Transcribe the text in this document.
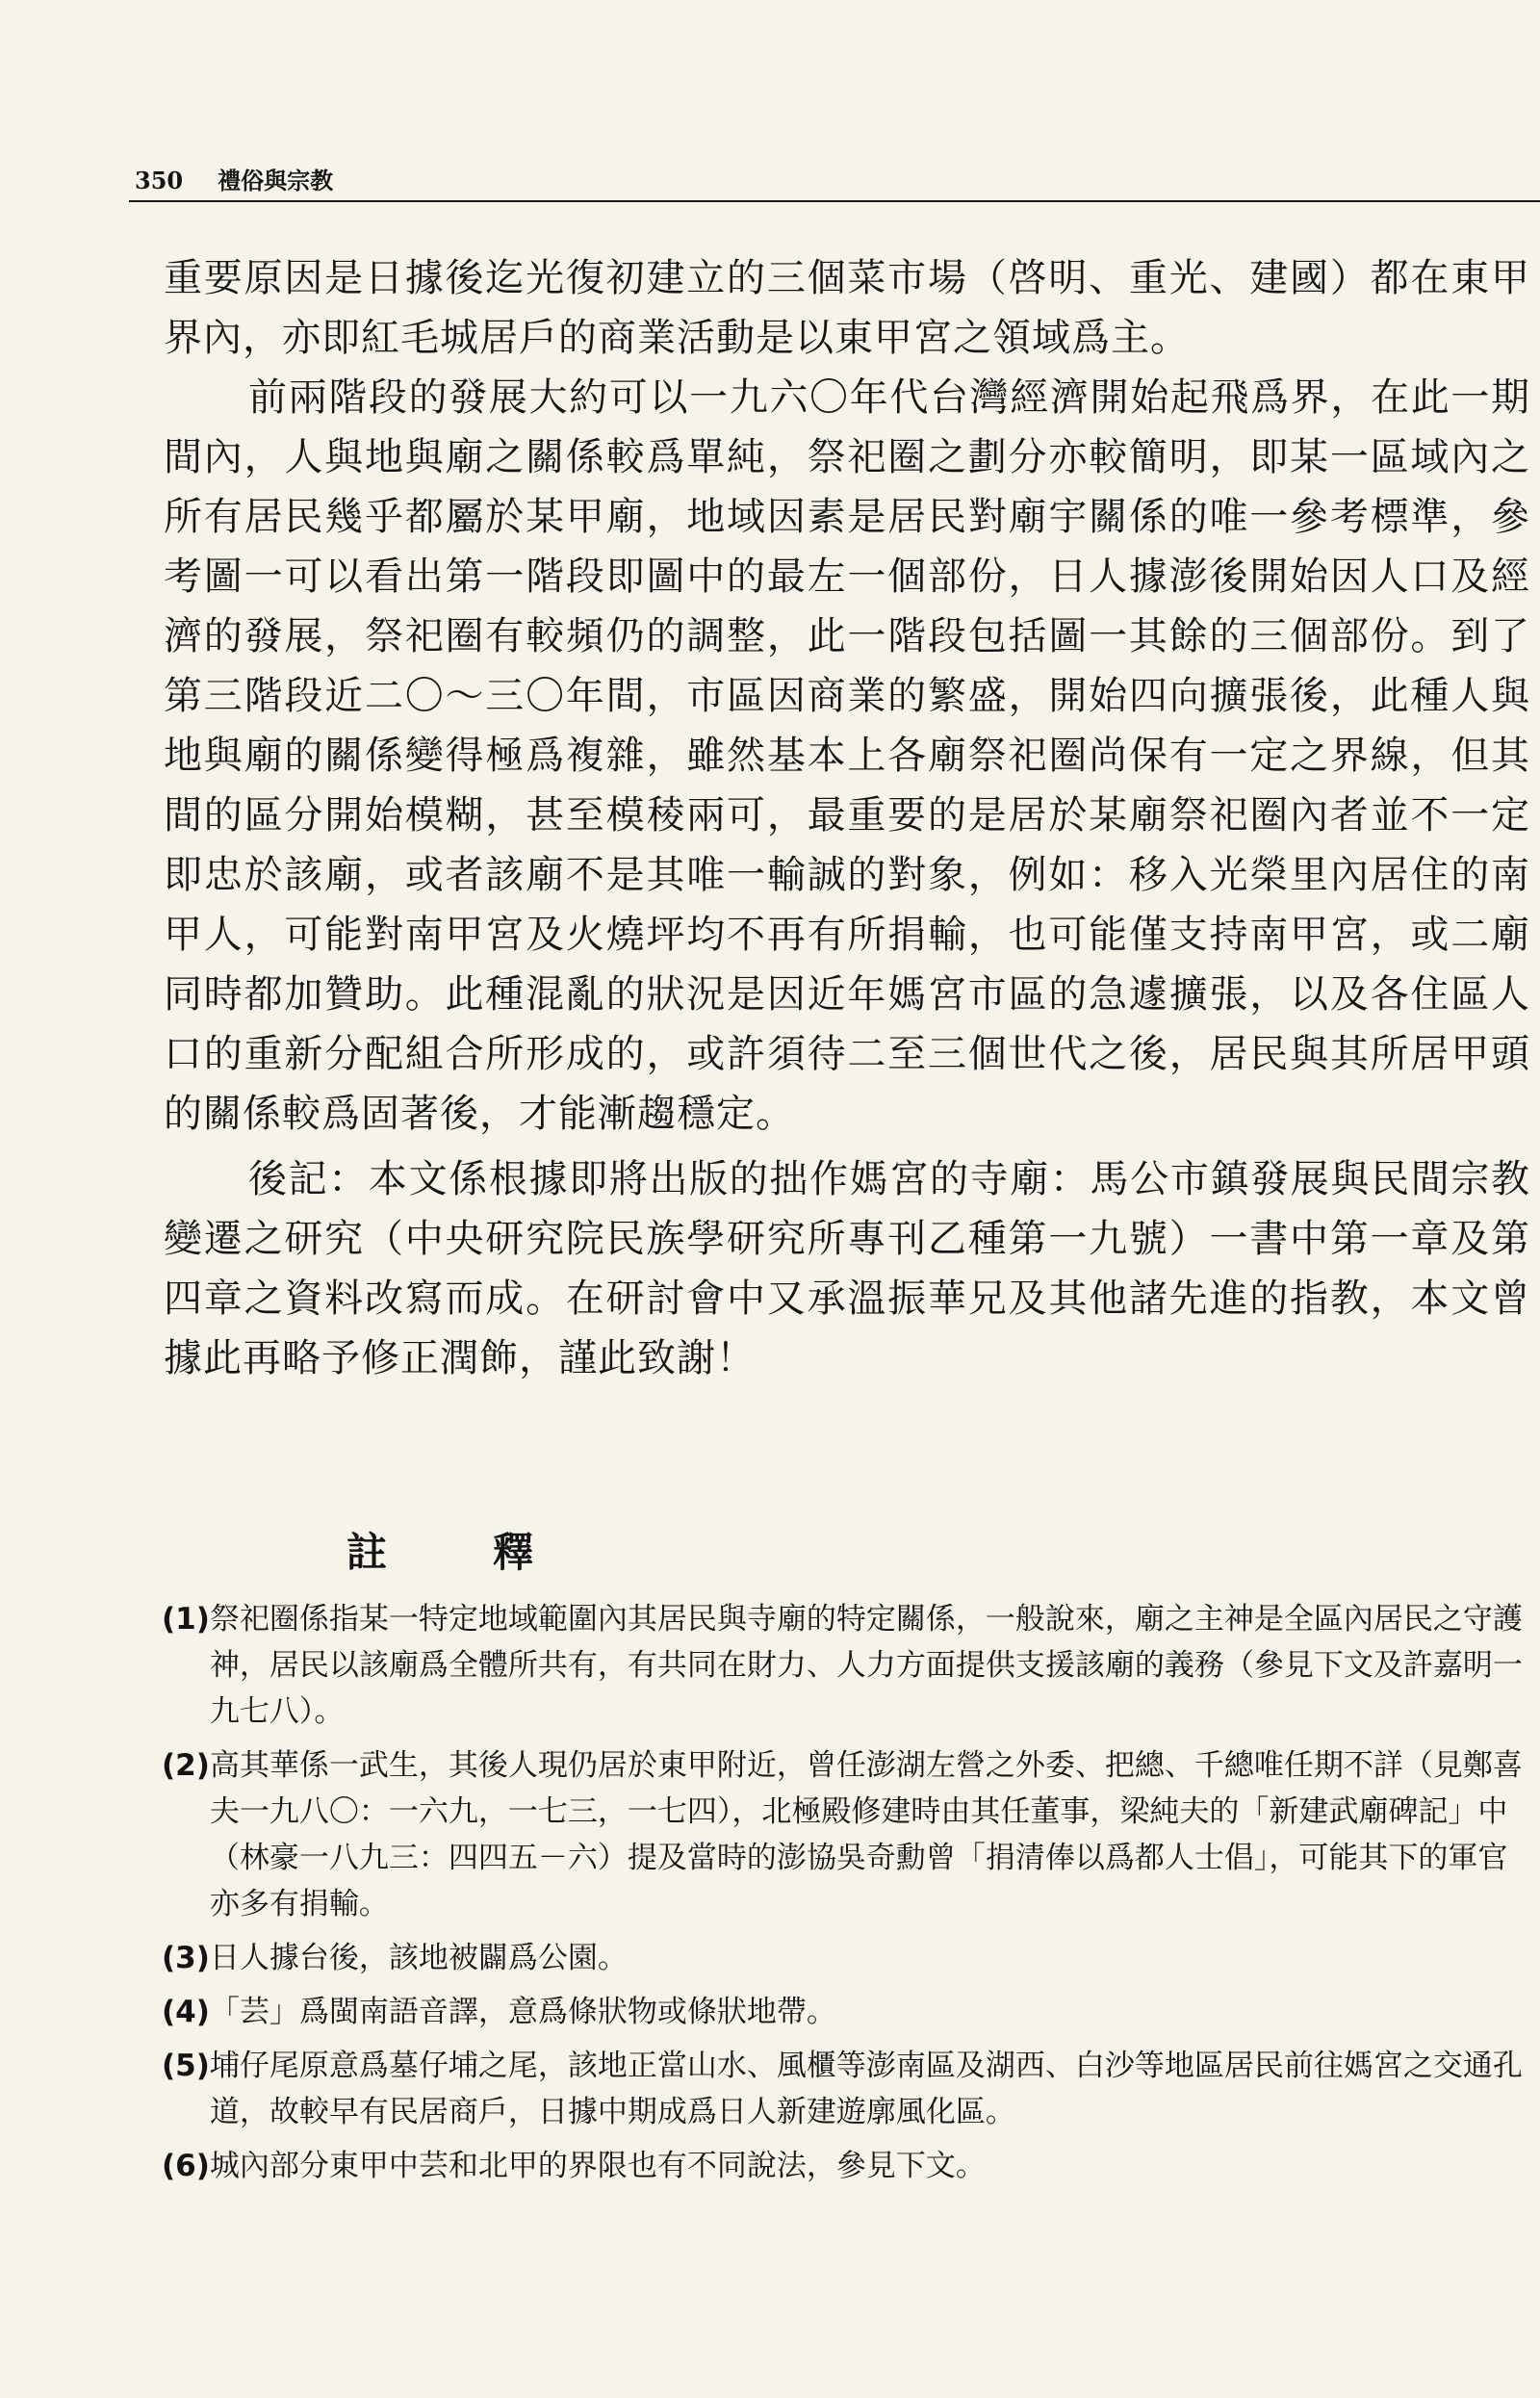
350 禮俗與宗教

重要原因是日據後迄光復初建立的三個菜市場（啓明、重光、建國）都在東甲界內，亦即紅毛城居戶的商業活動是以東甲宮之領域爲主。

前兩階段的發展大約可以一九六〇年代台灣經濟開始起飛爲界，在此一期間內，人與地與廟之關係較爲單純，祭祀圈之劃分亦較簡明，即某一區域內之所有居民幾乎都屬於某甲廟，地域因素是居民對廟宇關係的唯一參考標準，參考圖一可以看出第一階段即圖中的最左一個部份，日人據澎後開始因人口及經濟的發展，祭祀圈有較頻仍的調整，此一階段包括圖一其餘的三個部份。到了第三階段近二〇～三〇年間，市區因商業的繁盛，開始四向擴張後，此種人與地與廟的關係變得極爲複雜，雖然基本上各廟祭祀圈尚保有一定之界線，但其間的區分開始模糊，甚至模稜兩可，最重要的是居於某廟祭祀圈內者並不一定即忠於該廟，或者該廟不是其唯一輸誠的對象，例如：移入光榮里內居住的南甲人，可能對南甲宮及火燒坪均不再有所捐輸，也可能僅支持南甲宮，或二廟同時都加贊助。此種混亂的狀況是因近年媽宮市區的急遽擴張，以及各住區人口的重新分配組合所形成的，或許須待二至三個世代之後，居民與其所居甲頭的關係較爲固著後，才能漸趨穩定。

後記：本文係根據即將出版的拙作媽宮的寺廟：馬公市鎮發展與民間宗教變遷之研究（中央研究院民族學研究所專刊乙種第一九號）一書中第一章及第四章之資料改寫而成。在研討會中又承溫振華兄及其他諸先進的指教，本文曾據此再略予修正潤飾，謹此致謝！

註釋
(1) 祭祀圈係指某一特定地域範圍內其居民與寺廟的特定關係，一般說來，廟之主神是全區內居民之守護神，居民以該廟爲全體所共有，有共同在財力、人力方面提供支援該廟的義務（參見下文及許嘉明一九七八）。
(2) 高其華係一武生，其後人現仍居於東甲附近，曾任澎湖左營之外委、把總、千總唯任期不詳（見鄭喜夫一九八〇：一六九，一七三，一七四），北極殿修建時由其任董事，梁純夫的「新建武廟碑記」中（林豪一八九三：四四五－六）提及當時的澎協吳奇勳曾「捐清俸以爲都人士倡」，可能其下的軍官亦多有捐輸。
(3) 日人據台後，該地被闢爲公園。
(4) 「芸」爲閩南語音譯，意爲條狀物或條狀地帶。
(5) 埔仔尾原意爲墓仔埔之尾，該地正當山水、風櫃等澎南區及湖西、白沙等地區居民前往媽宮之交通孔道，故較早有民居商戶，日據中期成爲日人新建遊廓風化區。
(6) 城內部分東甲中芸和北甲的界限也有不同說法，參見下文。
